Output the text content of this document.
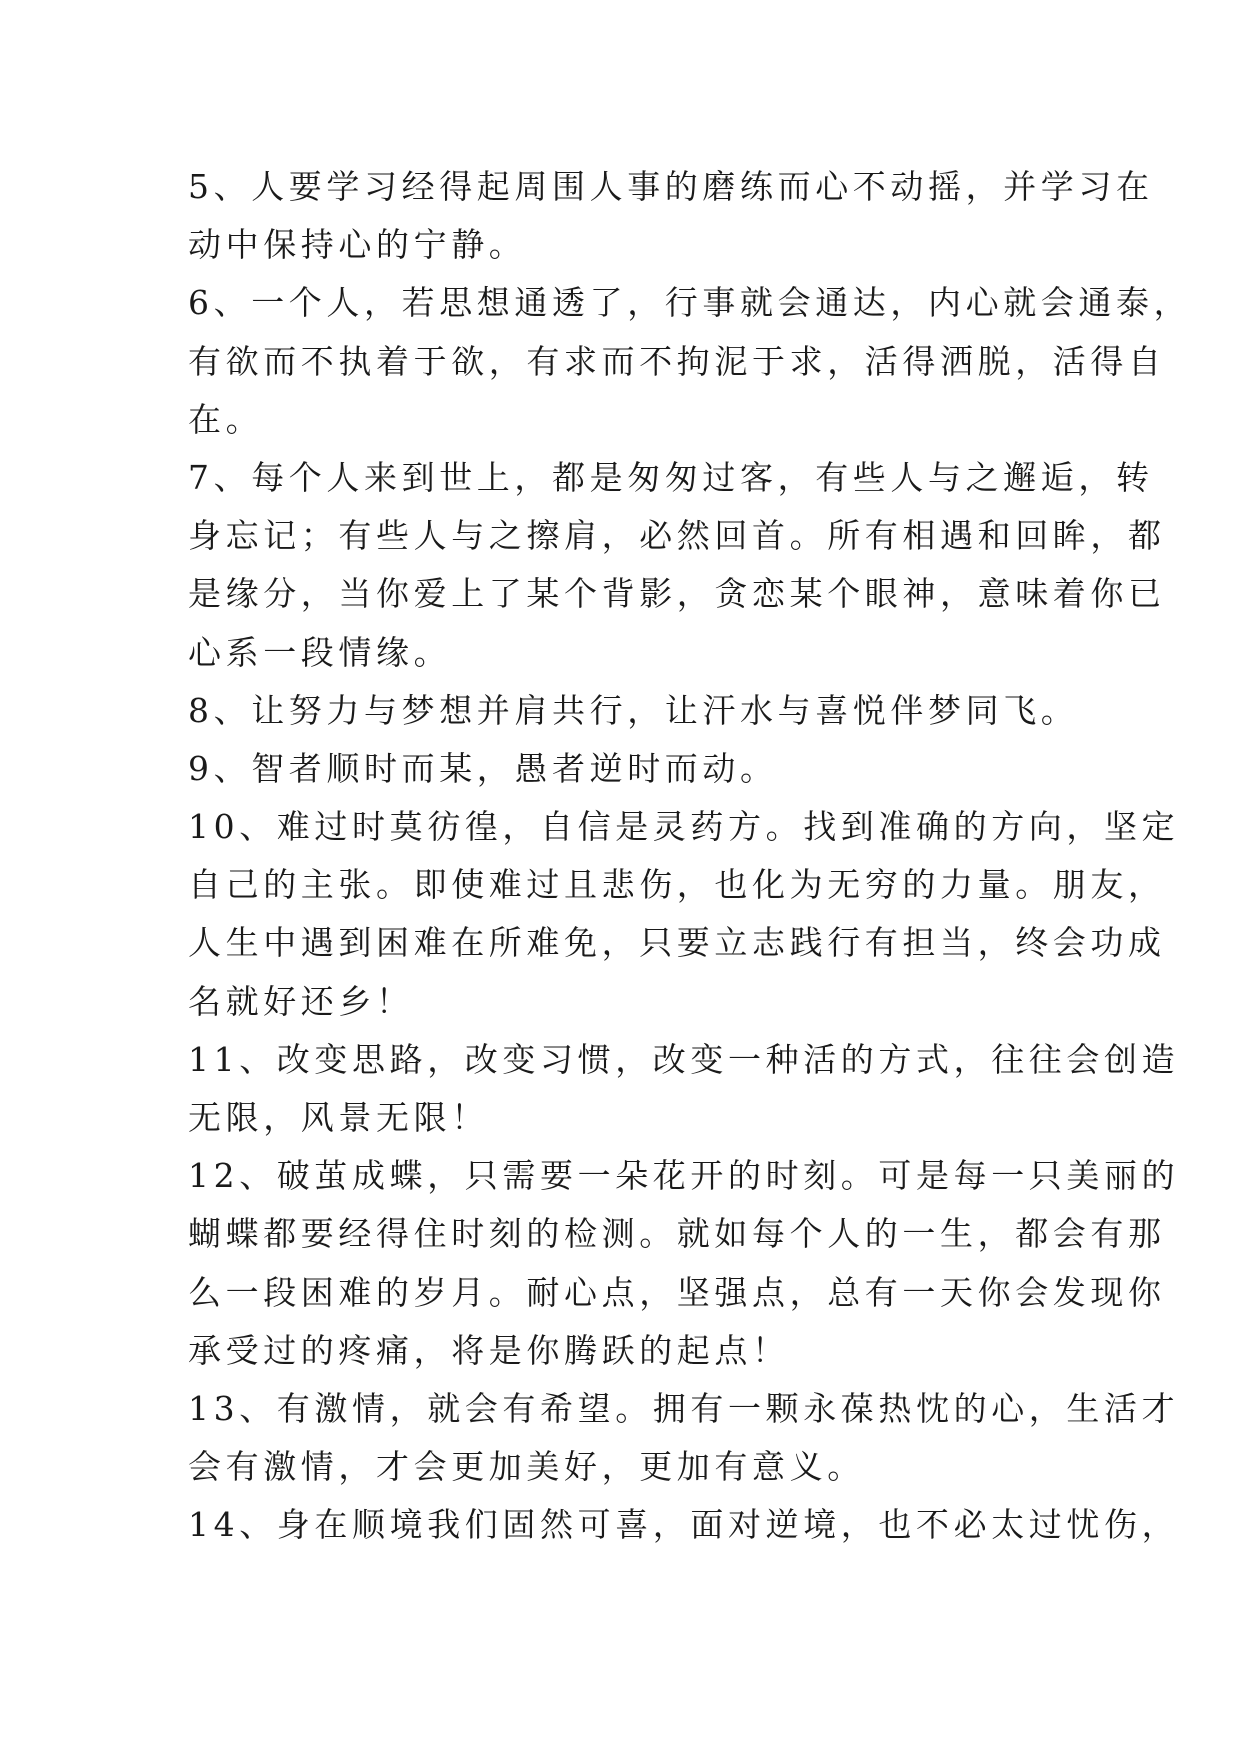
5、人要学习经得起周围人事的磨练而心不动摇，并学习在
动中保持心的宁静。
6、一个人，若思想通透了，行事就会通达，内心就会通泰，
有欲而不执着于欲，有求而不拘泥于求，活得洒脱，活得自
在。
7、每个人来到世上，都是匆匆过客，有些人与之邂逅，转
身忘记；有些人与之擦肩，必然回首。所有相遇和回眸，都
是缘分，当你爱上了某个背影，贪恋某个眼神，意味着你已
心系一段情缘。
8、让努力与梦想并肩共行，让汗水与喜悦伴梦同飞。
9、智者顺时而某，愚者逆时而动。
10、难过时莫彷徨，自信是灵药方。找到准确的方向，坚定
自己的主张。即使难过且悲伤，也化为无穷的力量。朋友，
人生中遇到困难在所难免，只要立志践行有担当，终会功成
名就好还乡！
11、改变思路，改变习惯，改变一种活的方式，往往会创造
无限，风景无限！
12、破茧成蝶，只需要一朵花开的时刻。可是每一只美丽的
蝴蝶都要经得住时刻的检测。就如每个人的一生，都会有那
么一段困难的岁月。耐心点，坚强点，总有一天你会发现你
承受过的疼痛，将是你腾跃的起点！
13、有激情，就会有希望。拥有一颗永葆热忱的心，生活才
会有激情，才会更加美好，更加有意义。
14、身在顺境我们固然可喜，面对逆境，也不必太过忧伤，
